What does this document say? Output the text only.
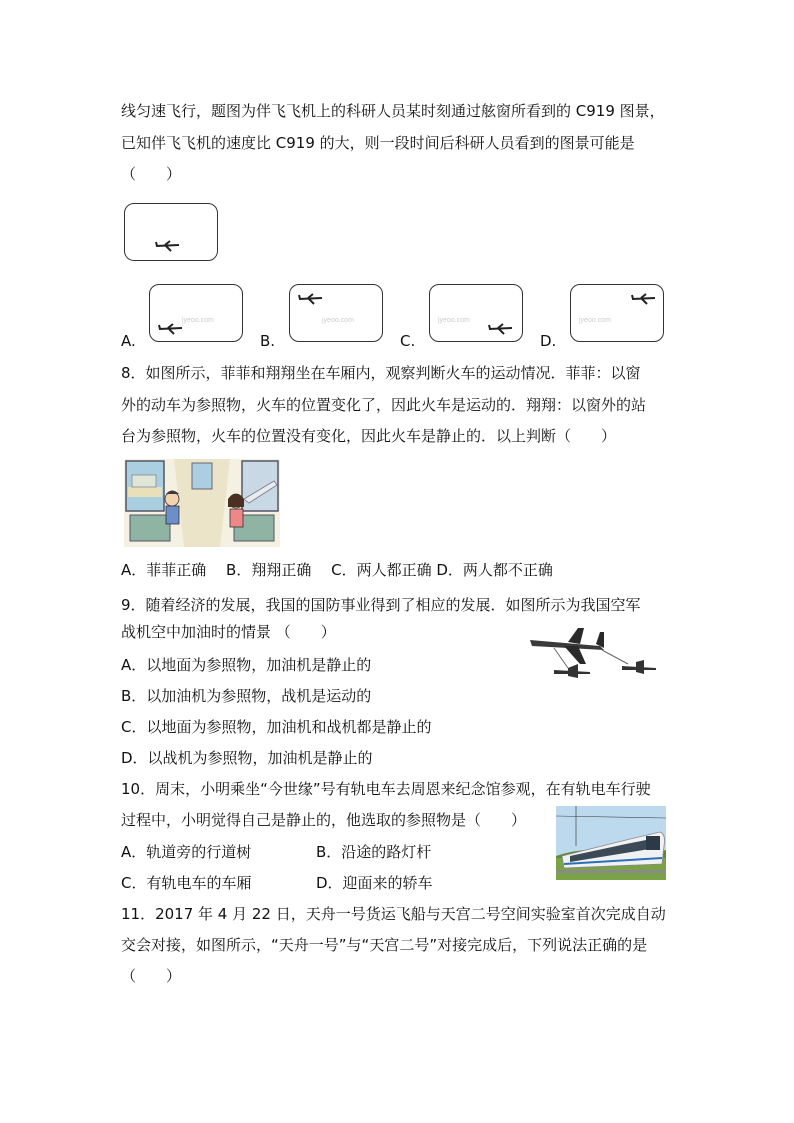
线匀速飞行，题图为伴飞飞机上的科研人员某时刻通过舷窗所看到的 C919 图景，
已知伴飞飞机的速度比 C919 的大，则一段时间后科研人员看到的图景可能是
（　　）
A.
jyeoo.com
B.
jyeoo.com
C.
jyeoo.com
D.
jyeoo.com
8．如图所示，菲菲和翔翔坐在车厢内，观察判断火车的运动情况．菲菲：以窗
外的动车为参照物，火车的位置变化了，因此火车是运动的．翔翔：以窗外的站
台为参照物，火车的位置没有变化，因此火车是静止的．以上判断（　　）
A．菲菲正确　 B．翔翔正确　 C．两人都正确 D．两人都不正确
9．随着经济的发展，我国的国防事业得到了相应的发展．如图所示为我国空军
战机空中加油时的情景 （　　）
A．以地面为参照物，加油机是静止的
B．以加油机为参照物，战机是运动的
C．以地面为参照物，加油机和战机都是静止的
D．以战机为参照物，加油机是静止的
10．周末，小明乘坐“今世缘”号有轨电车去周恩来纪念馆参观，在有轨电车行驶
过程中，小明觉得自己是静止的，他选取的参照物是（　　）
A．轨道旁的行道树	B．沿途的路灯杆
C．有轨电车的车厢	D．迎面来的轿车
11．2017 年 4 月 22 日，天舟一号货运飞船与天宫二号空间实验室首次完成自动
交会对接，如图所示，“天舟一号”与“天宫二号”对接完成后，下列说法正确的是
（　　）
